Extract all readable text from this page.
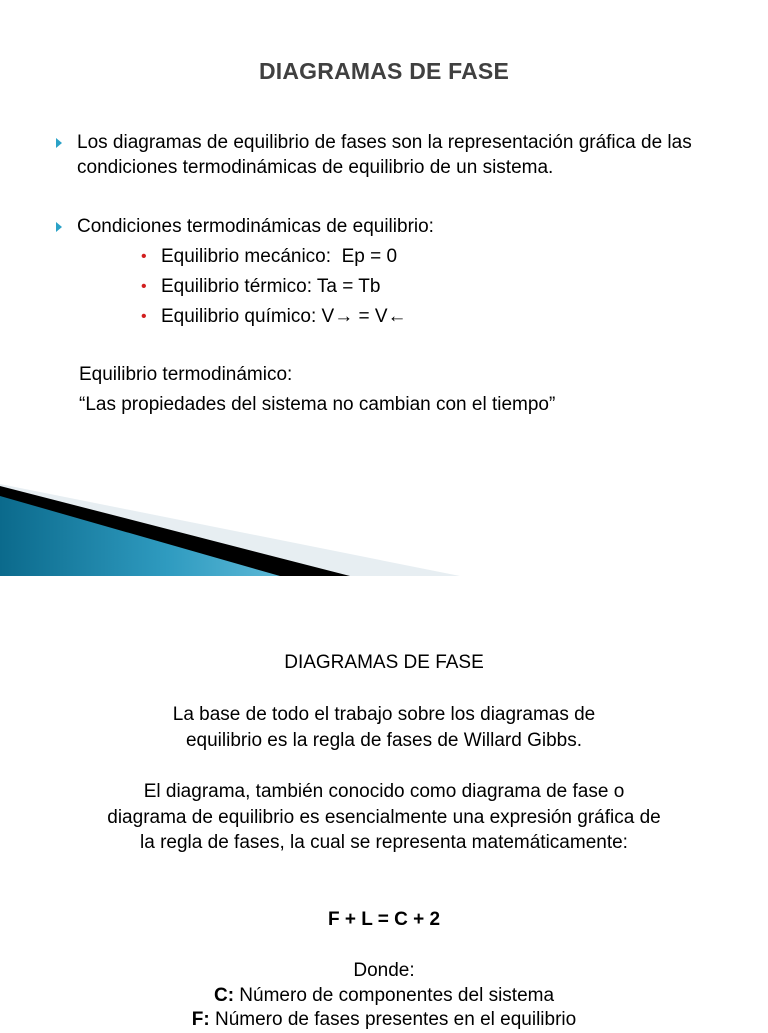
DIAGRAMAS DE FASE
Los diagramas de equilibrio de fases son la representación gráfica de las condiciones termodinámicas de equilibrio de un sistema.
Condiciones termodinámicas de equilibrio:
• Equilibrio mecánico:  Ep = 0
• Equilibrio térmico: Ta = Tb
• Equilibrio químico: V→ = V←
Equilibrio termodinámico:
“Las propiedades del sistema no cambian con el tiempo”
DIAGRAMAS DE FASE
La base de todo el trabajo sobre los diagramas de equilibrio es la regla de fases de Willard Gibbs.
El diagrama, también conocido como diagrama de fase o diagrama de equilibrio es esencialmente una expresión gráfica de la regla de fases, la cual se representa matemáticamente:
F + L = C + 2
Donde:
C: Número de componentes del sistema
F: Número de fases presentes en el equilibrio
